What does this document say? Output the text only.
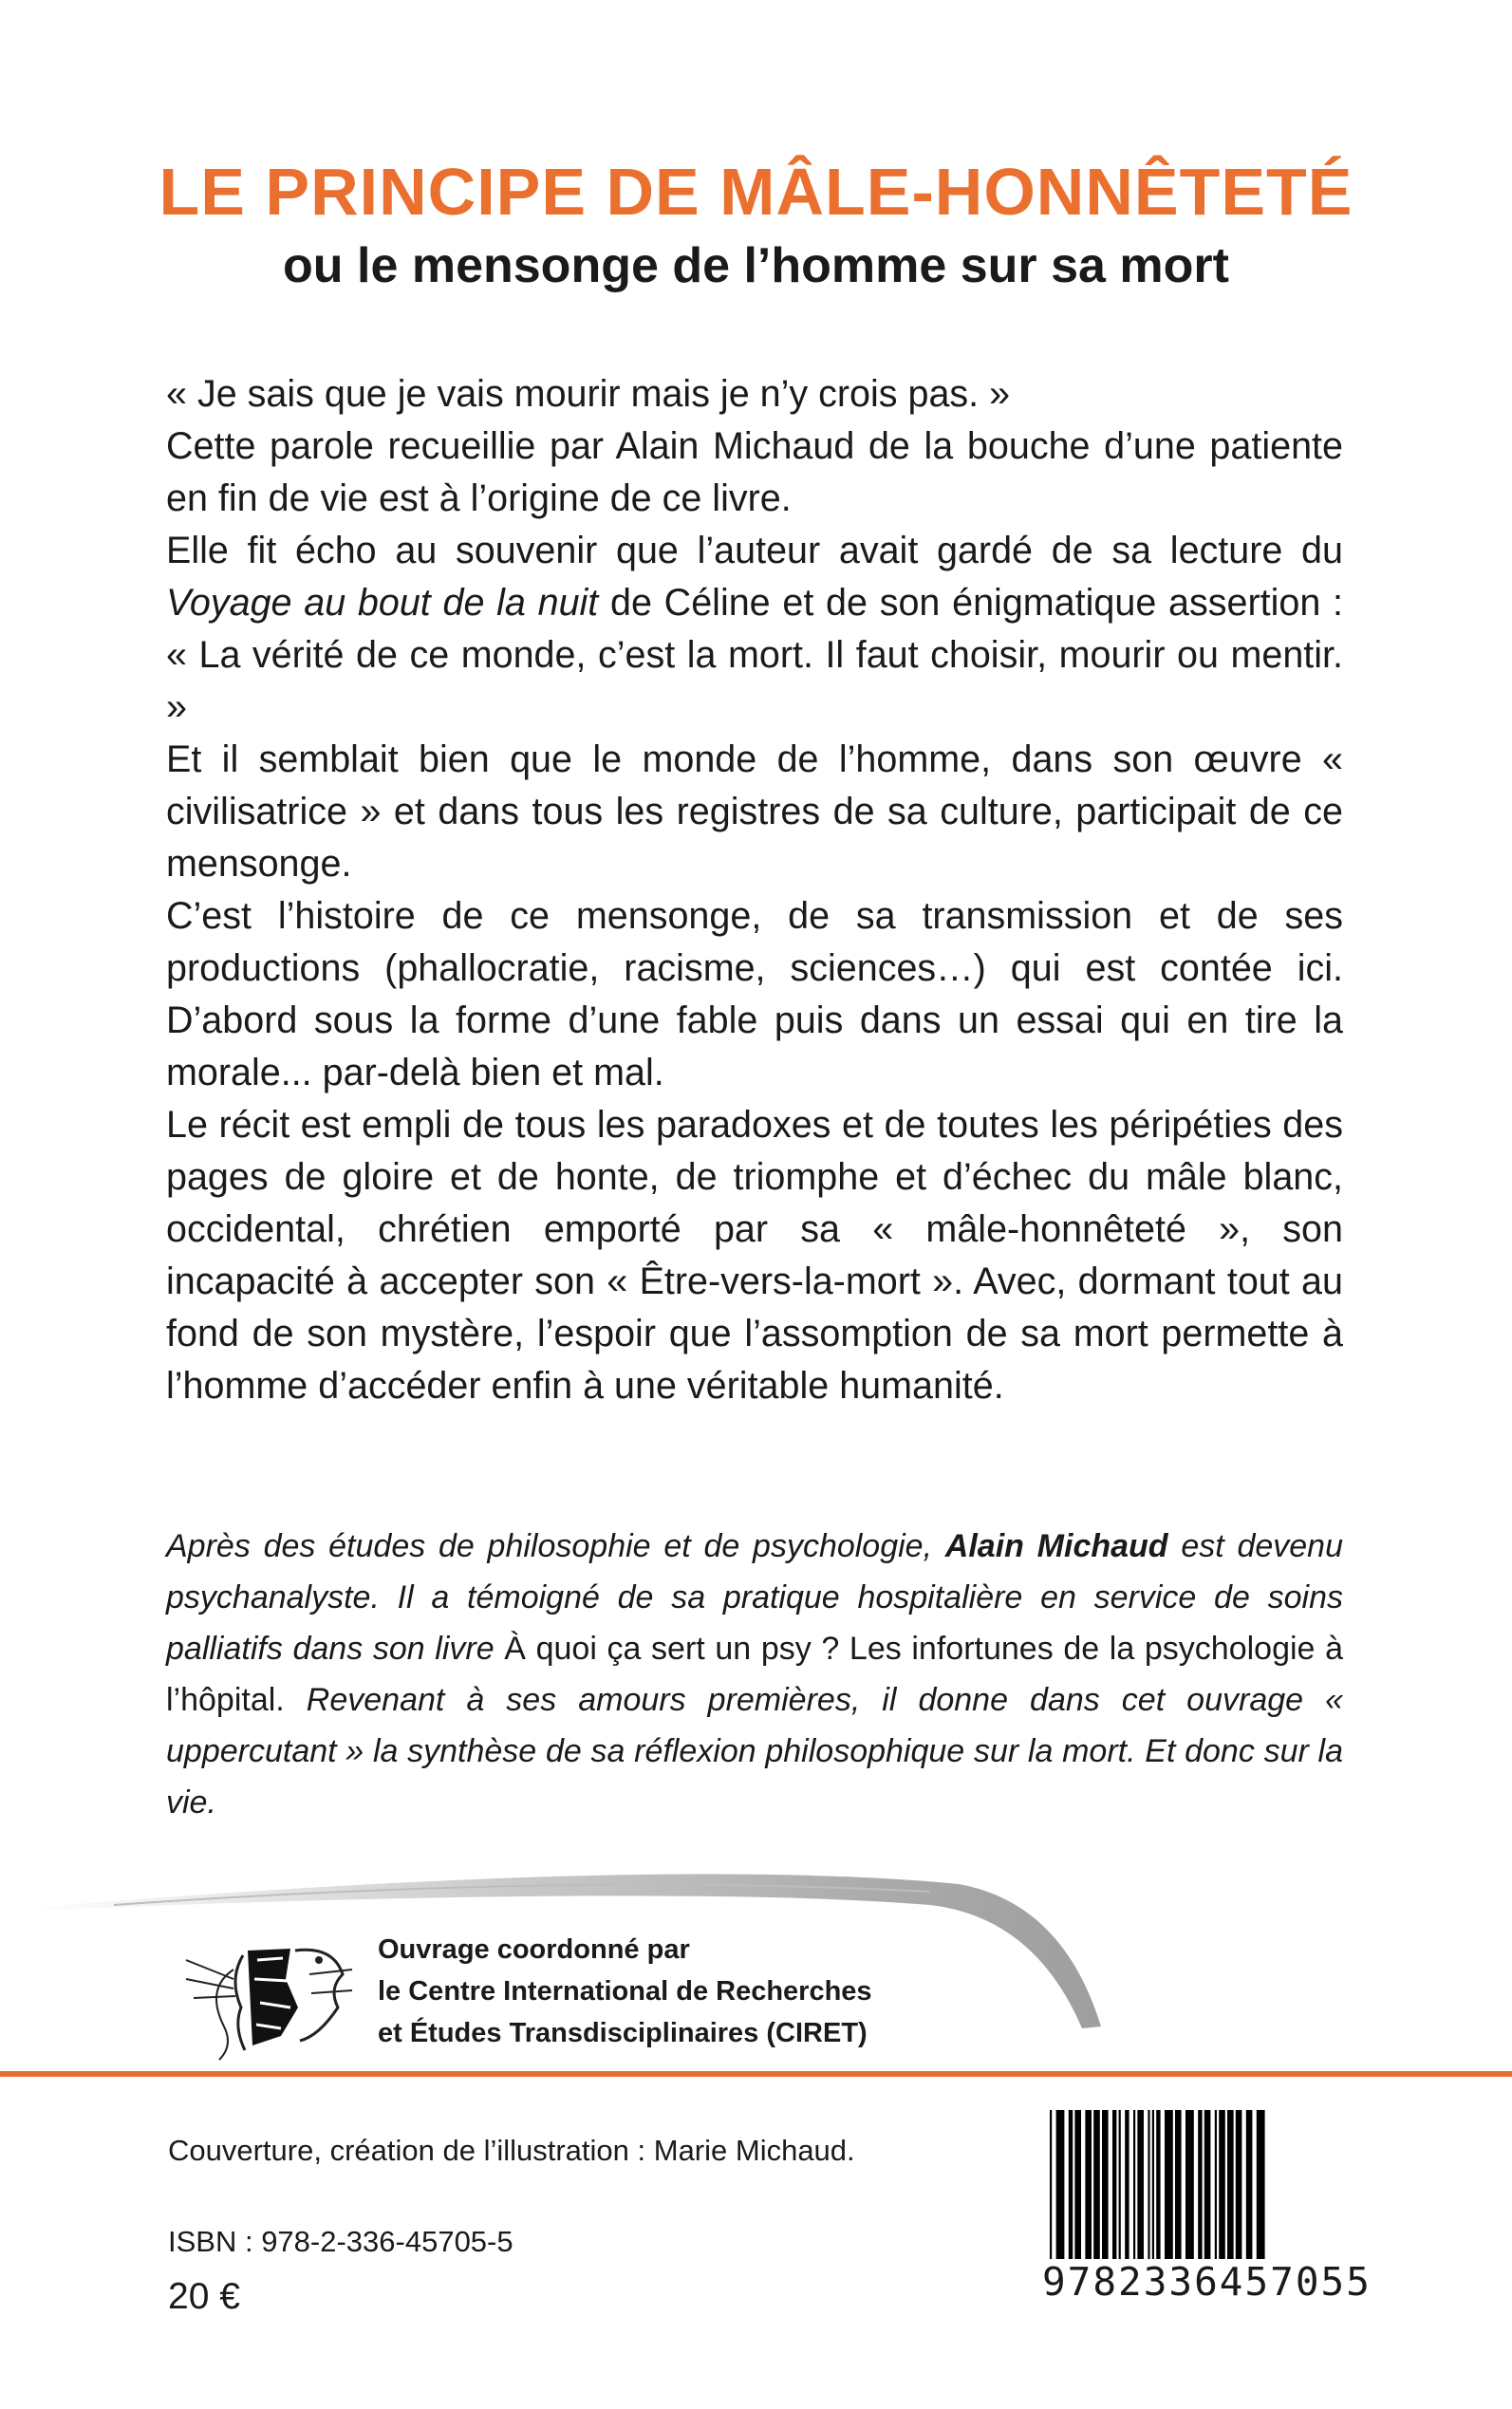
LE PRINCIPE DE MÂLE-HONNÊTETÉ
ou le mensonge de l’homme sur sa mort

« Je sais que je vais mourir mais je n’y crois pas. »

Cette parole recueillie par Alain Michaud de la bouche d’une patiente en fin de vie est à l’origine de ce livre.

Elle fit écho au souvenir que l’auteur avait gardé de sa lecture du Voyage au bout de la nuit de Céline et de son énigmatique assertion : « La vérité de ce monde, c’est la mort. Il faut choisir, mourir ou mentir. »

Et il semblait bien que le monde de l’homme, dans son œuvre « civilisatrice » et dans tous les registres de sa culture, participait de ce mensonge.

C’est l’histoire de ce mensonge, de sa transmission et de ses productions (phallocratie, racisme, sciences…) qui est contée ici. D’abord sous la forme d’une fable puis dans un essai qui en tire la morale... par-delà bien et mal.

Le récit est empli de tous les paradoxes et de toutes les péripéties des pages de gloire et de honte, de triomphe et d’échec du mâle blanc, occidental, chrétien emporté par sa « mâle-honnêteté », son incapacité à accepter son « Être-vers-la-mort ». Avec, dormant tout au fond de son mystère, l’espoir que l’assomption de sa mort permette à l’homme d’accéder enfin à une véritable humanité.

Après des études de philosophie et de psychologie, Alain Michaud est devenu psychanalyste. Il a témoigné de sa pratique hospitalière en service de soins palliatifs dans son livre À quoi ça sert un psy ? Les infortunes de la psychologie à l’hôpital. Revenant à ses amours premières, il donne dans cet ouvrage « uppercutant » la synthèse de sa réflexion philosophique sur la mort. Et donc sur la vie.
Ouvrage coordonné par
le Centre International de Recherches
et Études Transdisciplinaires (CIRET)
Couverture, création de l’illustration : Marie Michaud.
ISBN : 978-2-336-45705-5
20 €	9782336457055
